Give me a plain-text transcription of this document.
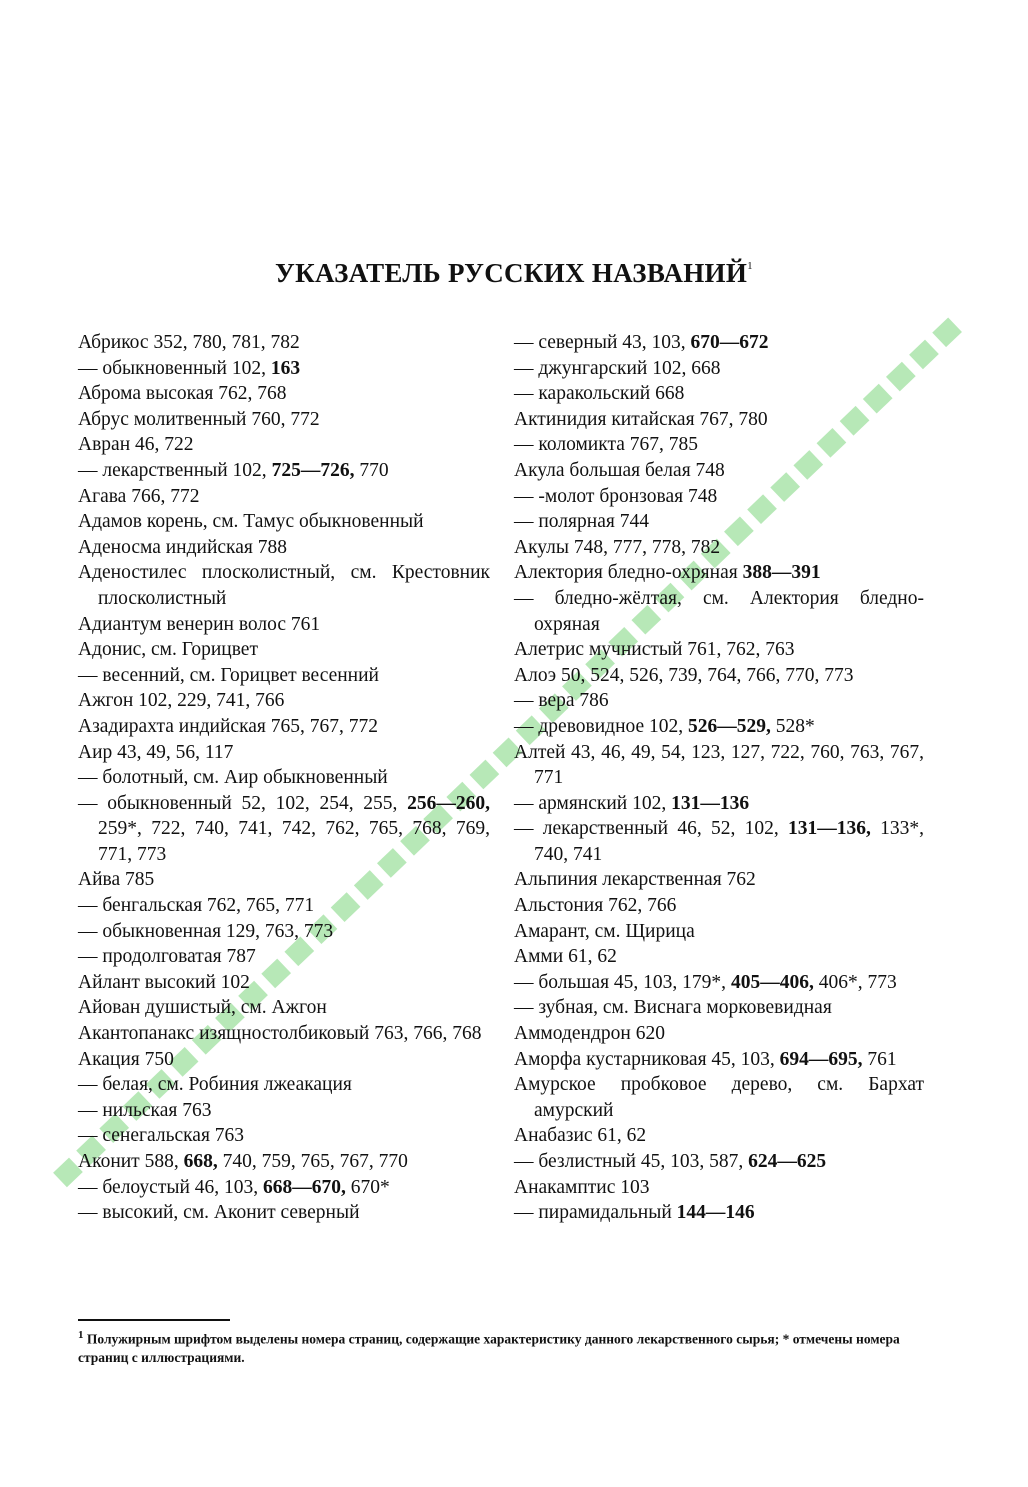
УКАЗАТЕЛЬ РУССКИХ НАЗВАНИЙ$^1$
Абрикос 352, 780, 781, 782
— обыкновенный 102, 163
Аброма высокая 762, 768
Абрус молитвенный 760, 772
Авран 46, 722
— лекарственный 102, 725—726, 770
Агава 766, 772
Адамов корень, см. Тамус обыкновенный
Аденосма индийская 788
Аденостилес плосколистный, см. Крестовник плосколистный
Адиантум венерин волос 761
Адонис, см. Горицвет
— весенний, см. Горицвет весенний
Ажгон 102, 229, 741, 766
Азадирахта индийская 765, 767, 772
Аир 43, 49, 56, 117
— болотный, см. Аир обыкновенный
— обыкновенный 52, 102, 254, 255, 256—260, 259*, 722, 740, 741, 742, 762, 765, 768, 769, 771, 773
Айва 785
— бенгальская 762, 765, 771
— обыкновенная 129, 763, 773
— продолговатая 787
Айлант высокий 102
Айован душистый, см. Ажгон
Акантопанакс изящностолбиковый 763, 766, 768
Акация 750
— белая, см. Робиния лжеакация
— нильская 763
— сенегальская 763
Аконит 588, 668, 740, 759, 765, 767, 770
— белоустый 46, 103, 668—670, 670*
— высокий, см. Аконит северный
— северный 43, 103, 670—672
— джунгарский 102, 668
— каракольский 668
Актинидия китайская 767, 780
— коломикта 767, 785
Акула большая белая 748
— -молот бронзовая 748
— полярная 744
Акулы 748, 777, 778, 782
Алектория бледно-охряная 388—391
— бледно-жёлтая, см. Алектория бледно-охряная
Алетрис мучнистый 761, 762, 763
Алоэ 50, 524, 526, 739, 764, 766, 770, 773
— вера 786
— древовидное 102, 526—529, 528*
Алтей 43, 46, 49, 54, 123, 127, 722, 760, 763, 767, 771
— армянский 102, 131—136
— лекарственный 46, 52, 102, 131—136, 133*, 740, 741
Альпиния лекарственная 762
Альстония 762, 766
Амарант, см. Щирица
Амми 61, 62
— большая 45, 103, 179*, 405—406, 406*, 773
— зубная, см. Виснага морковевидная
Аммодендрон 620
Аморфа кустарниковая 45, 103, 694—695, 761
Амурское пробковое дерево, см. Бархат амурский
Анабазис 61, 62
— безлистный 45, 103, 587, 624—625
Анакамптис 103
— пирамидальный 144—146
$^1$ Полужирным шрифтом выделены номера страниц, содержащие характеристику данного лекарственного сырья; * отмечены номера страниц с иллюстрациями.
